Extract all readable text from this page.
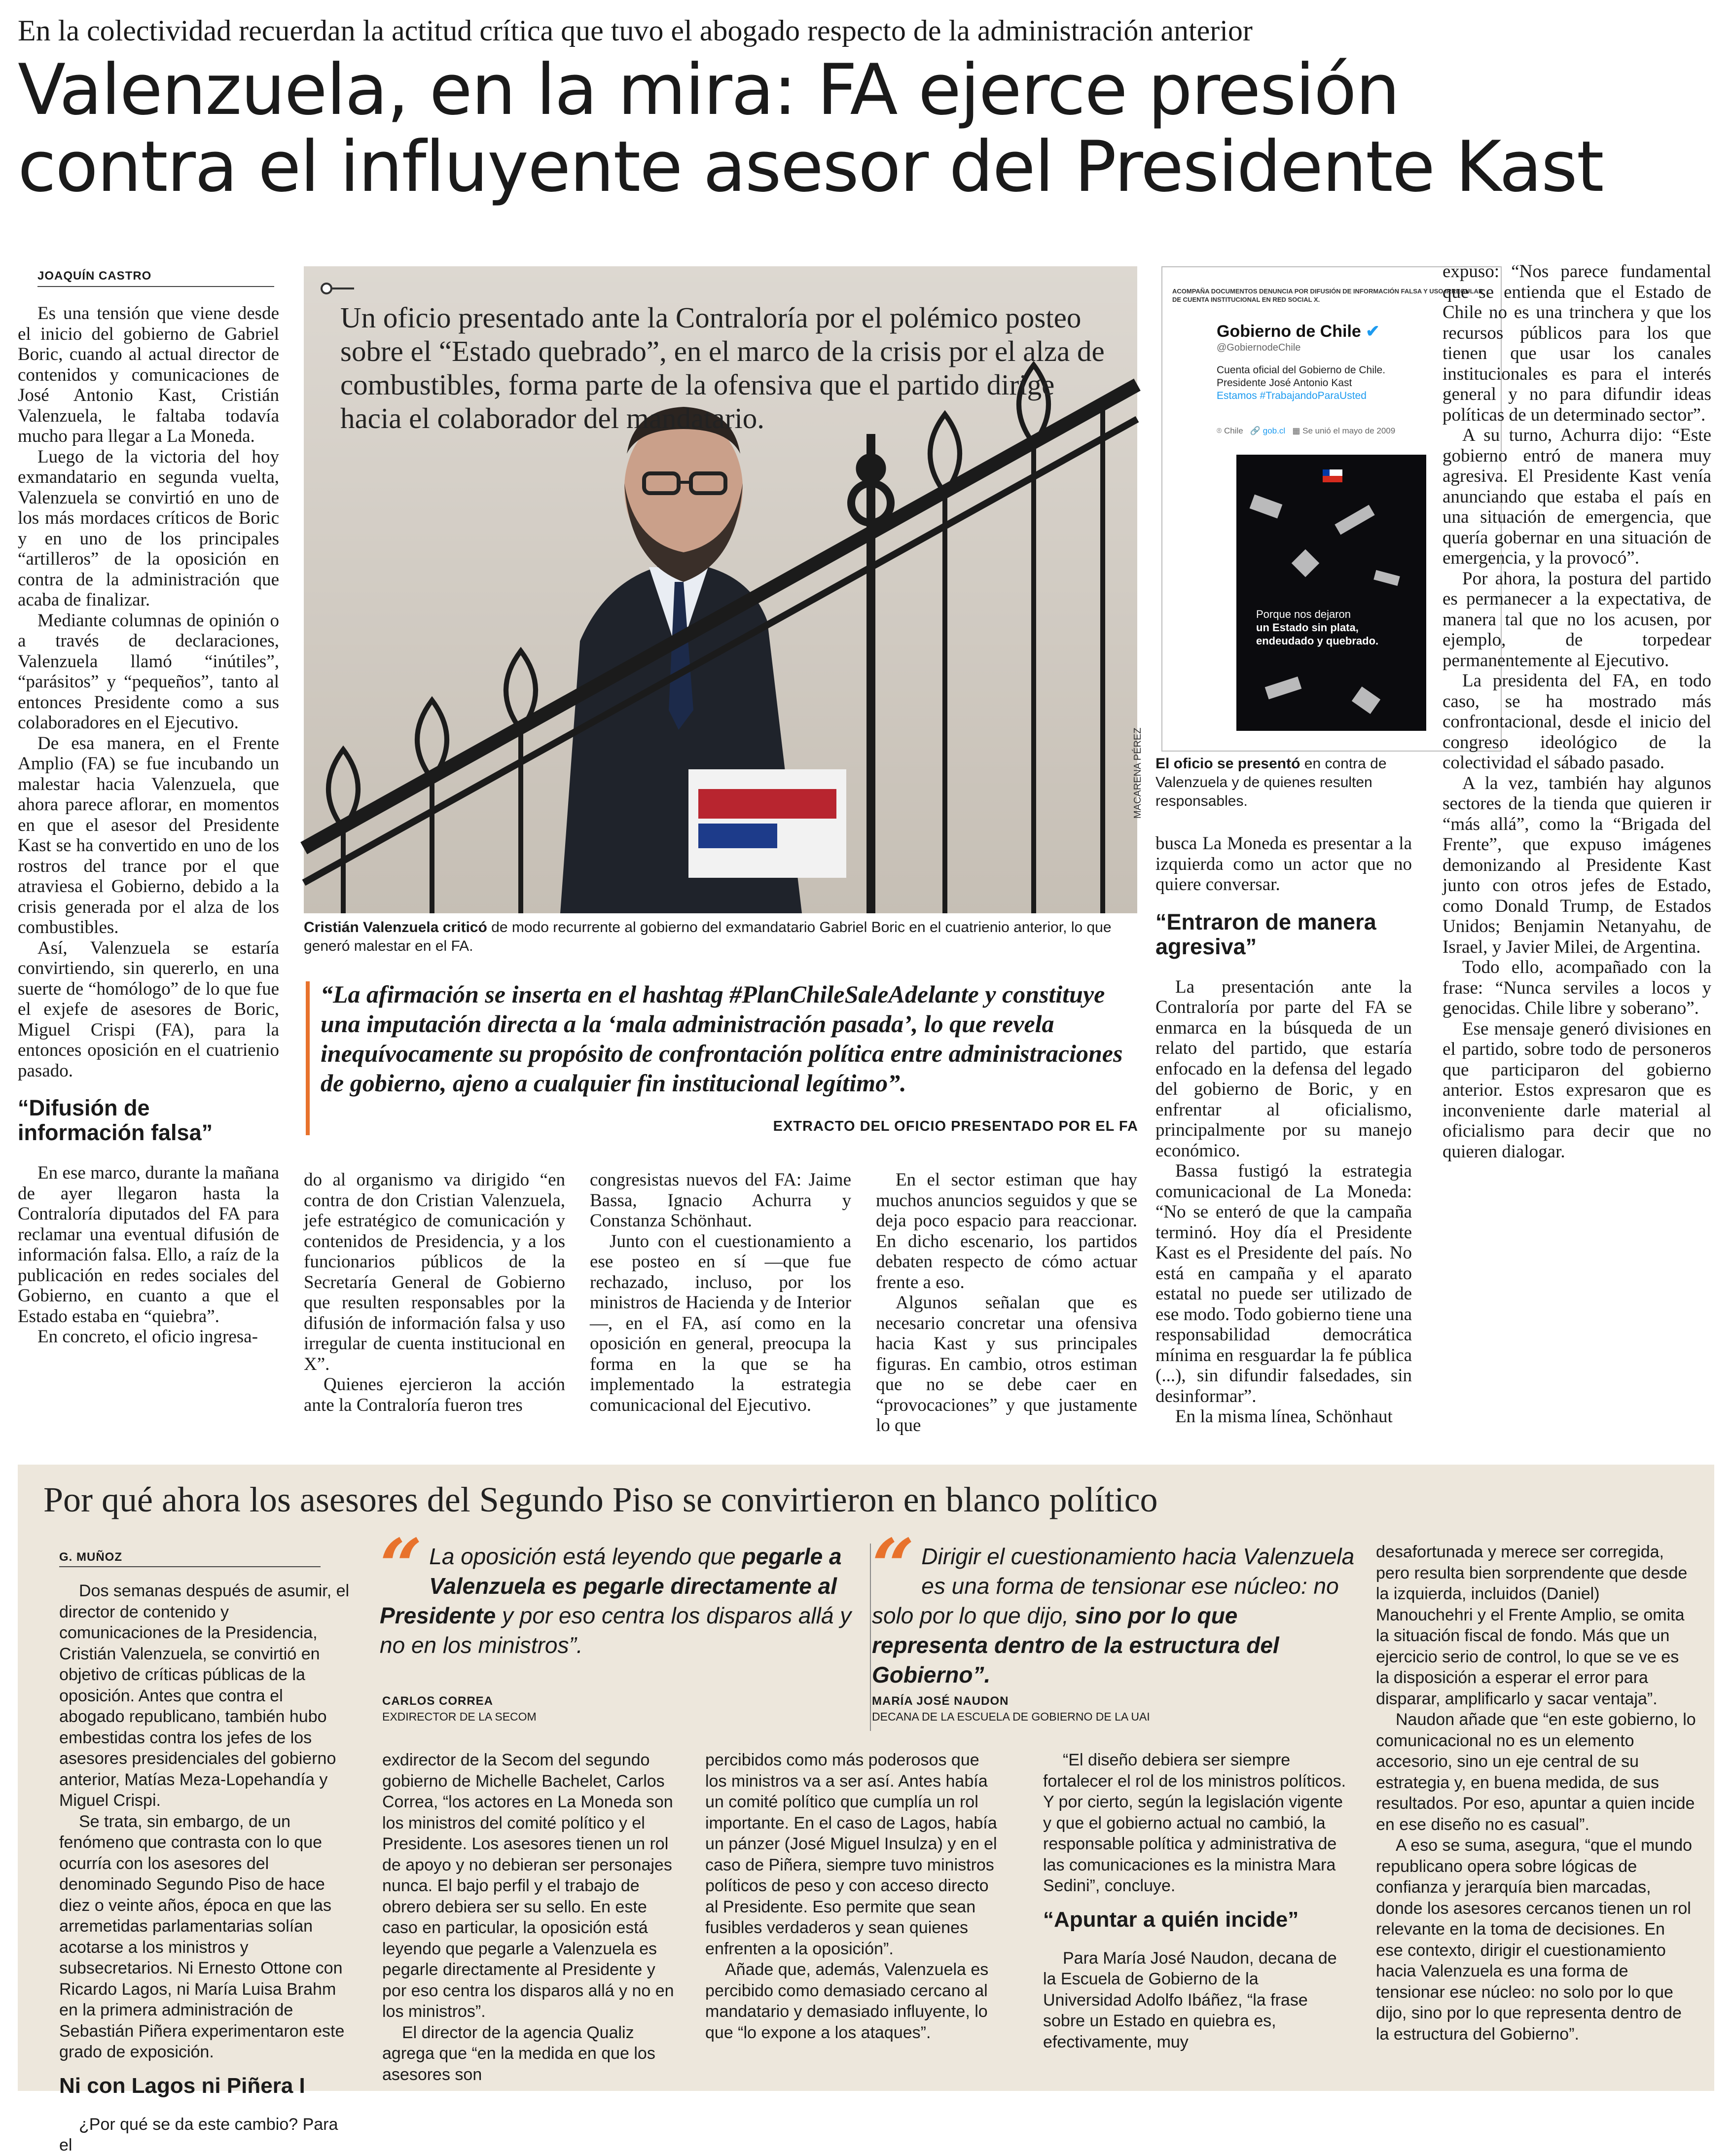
En la colectividad recuerdan la actitud crítica que tuvo el abogado respecto de la administración anterior
Valenzuela, en la mira: FA ejerce presión
contra el influyente asesor del Presidente Kast
JOAQUÍN CASTRO

Es una tensión que viene desde el inicio del gobierno de Gabriel Boric, cuando al actual director de contenidos y comunicaciones de José Antonio Kast, Cristián Valenzuela, le faltaba todavía mucho para llegar a La Moneda.

Luego de la victoria del hoy exmandatario en segunda vuelta, Valenzuela se convirtió en uno de los más mordaces críticos de Boric y en uno de los principales “artilleros” de la oposición en contra de la administración que acaba de finalizar.

Mediante columnas de opinión o a través de declaraciones, Valenzuela llamó “inútiles”, “parásitos” y “pequeños”, tanto al entonces Presidente como a sus colaboradores en el Ejecutivo.

De esa manera, en el Frente Amplio (FA) se fue incubando un malestar hacia Valenzuela, que ahora parece aflorar, en momentos en que el asesor del Presidente Kast se ha convertido en uno de los rostros del trance por el que atraviesa el Gobierno, debido a la crisis generada por el alza de los combustibles.

Así, Valenzuela se estaría convirtiendo, sin quererlo, en una suerte de “homólogo” de lo que fue el exjefe de asesores de Boric, Miguel Crispi (FA), para la entonces oposición en el cuatrienio pasado.

“Difusión de información falsa”

En ese marco, durante la mañana de ayer llegaron hasta la Contraloría diputados del FA para reclamar una eventual difusión de información falsa. Ello, a raíz de la publicación en redes sociales del Gobierno, en cuanto a que el Estado estaba en “quiebra”.

En concreto, el oficio ingresa-

Un oficio presentado ante la Contraloría por el polémico posteo sobre el “Estado quebrado”, en el marco de la crisis por el alza de combustibles, forma parte de la ofensiva que el partido dirige hacia el colaborador del mandatario.
MACARENA PÉREZ
Cristián Valenzuela criticó de modo recurrente al gobierno del exmandatario Gabriel Boric en el cuatrienio anterior, lo que generó malestar en el FA.
“La afirmación se inserta en el hashtag #PlanChileSaleAdelante y constituye una imputación directa a la ‘mala administración pasada’, lo que revela inequívocamente su propósito de confrontación política entre administraciones de gobierno, ajeno a cualquier fin institucional legítimo”.
EXTRACTO DEL OFICIO PRESENTADO POR EL FA

do al organismo va dirigido “en contra de don Cristian Valenzuela, jefe estratégico de comunicación y contenidos de Presidencia, y a los funcionarios públicos de la Secretaría General de Gobierno que resulten responsables por la difusión de información falsa y uso irregular de cuenta institucional en X”.

Quienes ejercieron la acción ante la Contraloría fueron tres

congresistas nuevos del FA: Jaime Bassa, Ignacio Achurra y Constanza Schönhaut.

Junto con el cuestionamiento a ese posteo en sí —que fue rechazado, incluso, por los ministros de Hacienda y de Interior—, en el FA, así como en la oposición en general, preocupa la forma en la que se ha implementado la estrategia comunicacional del Ejecutivo.

En el sector estiman que hay muchos anuncios seguidos y que se deja poco espacio para reaccionar. En dicho escenario, los partidos debaten respecto de cómo actuar frente a eso.

Algunos señalan que es necesario concretar una ofensiva hacia Kast y sus principales figuras. En cambio, otros estiman que no se debe caer en “provocaciones” y que justamente lo que

ACOMPAÑA DOCUMENTOS DENUNCIA POR DIFUSIÓN DE INFORMACIÓN FALSA Y USO IRREGULAR DE CUENTA INSTITUCIONAL EN RED SOCIAL X.
Gobierno de Chile ✔
@GobiernodeChile
Cuenta oficial del Gobierno de Chile.
Presidente José Antonio Kast
Estamos #TrabajandoParaUsted
⌾ Chile 🔗 gob.cl ▦ Se unió el mayo de 2009
Porque nos dejaron
un Estado sin plata,
endeudado y quebrado.
El oficio se presentó en contra de Valenzuela y de quienes resulten responsables.

busca La Moneda es presentar a la izquierda como un actor que no quiere conversar.

“Entraron de manera agresiva”

La presentación ante la Contraloría por parte del FA se enmarca en la búsqueda de un relato del partido, que estaría enfocado en la defensa del legado del gobierno de Boric, y en enfrentar al oficialismo, principalmente por su manejo económico.

Bassa fustigó la estrategia comunicacional de La Moneda: “No se enteró de que la campaña terminó. Hoy día el Presidente Kast es el Presidente del país. No está en campaña y el aparato estatal no puede ser utilizado de ese modo. Todo gobierno tiene una responsabilidad democrática mínima en resguardar la fe pública (...), sin difundir falsedades, sin desinformar”.

En la misma línea, Schönhaut

expuso: “Nos parece fundamental que se entienda que el Estado de Chile no es una trinchera y que los recursos públicos para los que tienen que usar los canales institucionales es para el interés general y no para difundir ideas políticas de un determinado sector”.

A su turno, Achurra dijo: “Este gobierno entró de manera muy agresiva. El Presidente Kast venía anunciando que estaba el país en una situación de emergencia, que quería gobernar en una situación de emergencia, y la provocó”.

Por ahora, la postura del partido es permanecer a la expectativa, de manera tal que no los acusen, por ejemplo, de torpedear permanentemente al Ejecutivo.

La presidenta del FA, en todo caso, se ha mostrado más confrontacional, desde el inicio del congreso ideológico de la colectividad el sábado pasado.

A la vez, también hay algunos sectores de la tienda que quieren ir “más allá”, como la “Brigada del Frente”, que expuso imágenes demonizando al Presidente Kast junto con otros jefes de Estado, como Donald Trump, de Estados Unidos; Benjamin Netanyahu, de Israel, y Javier Milei, de Argentina.

Todo ello, acompañado con la frase: “Nunca serviles a locos y genocidas. Chile libre y soberano”.

Ese mensaje generó divisiones en el partido, sobre todo de personeros que participaron del gobierno anterior. Estos expresaron que es inconveniente darle material al oficialismo para decir que no quieren dialogar.

Por qué ahora los asesores del Segundo Piso se convirtieron en blanco político
G. MUÑOZ

Dos semanas después de asumir, el director de contenido y comunicaciones de la Presidencia, Cristián Valenzuela, se convirtió en objetivo de críticas públicas de la oposición. Antes que contra el abogado republicano, también hubo embestidas contra los jefes de los asesores presidenciales del gobierno anterior, Matías Meza-Lopehandía y Miguel Crispi.

Se trata, sin embargo, de un fenómeno que contrasta con lo que ocurría con los asesores del denominado Segundo Piso de hace diez o veinte años, época en que las arremetidas parlamentarias solían acotarse a los ministros y subsecretarios. Ni Ernesto Ottone con Ricardo Lagos, ni María Luisa Brahm en la primera administración de Sebastián Piñera experimentaron este grado de exposición.

Ni con Lagos ni Piñera I

¿Por qué se da este cambio? Para el

“ La oposición está leyendo que pegarle a Valenzuela es pegarle directamente al Presidente y por eso centra los disparos allá y no en los ministros”.
CARLOS CORREA
EXDIRECTOR DE LA SECOM
“ Dirigir el cuestionamiento hacia Valenzuela es una forma de tensionar ese núcleo: no solo por lo que dijo, sino por lo que representa dentro de la estructura del Gobierno”.
MARÍA JOSÉ NAUDON
DECANA DE LA ESCUELA DE GOBIERNO DE LA UAI

exdirector de la Secom del segundo gobierno de Michelle Bachelet, Carlos Correa, “los actores en La Moneda son los ministros del comité político y el Presidente. Los asesores tienen un rol de apoyo y no debieran ser personajes nunca. El bajo perfil y el trabajo de obrero debiera ser su sello. En este caso en particular, la oposición está leyendo que pegarle a Valenzuela es pegarle directamente al Presidente y por eso centra los disparos allá y no en los ministros”.

El director de la agencia Qualiz agrega que “en la medida en que los asesores son

percibidos como más poderosos que los ministros va a ser así. Antes había un comité político que cumplía un rol importante. En el caso de Lagos, había un pánzer (José Miguel Insulza) y en el caso de Piñera, siempre tuvo ministros políticos de peso y con acceso directo al Presidente. Eso permite que sean fusibles verdaderos y sean quienes enfrenten a la oposición”.

Añade que, además, Valenzuela es percibido como demasiado cercano al mandatario y demasiado influyente, lo que “lo expone a los ataques”.

“El diseño debiera ser siempre fortalecer el rol de los ministros políticos. Y por cierto, según la legislación vigente y que el gobierno actual no cambió, la responsable política y administrativa de las comunicaciones es la ministra Mara Sedini”, concluye.

“Apuntar a quién incide”

Para María José Naudon, decana de la Escuela de Gobierno de la Universidad Adolfo Ibáñez, “la frase sobre un Estado en quiebra es, efectivamente, muy

desafortunada y merece ser corregida, pero resulta bien sorprendente que desde la izquierda, incluidos (Daniel) Manouchehri y el Frente Amplio, se omita la situación fiscal de fondo. Más que un ejercicio serio de control, lo que se ve es la disposición a esperar el error para disparar, amplificarlo y sacar ventaja”.

Naudon añade que “en este gobierno, lo comunicacional no es un elemento accesorio, sino un eje central de su estrategia y, en buena medida, de sus resultados. Por eso, apuntar a quien incide en ese diseño no es casual”.

A eso se suma, asegura, “que el mundo republicano opera sobre lógicas de confianza y jerarquía bien marcadas, donde los asesores cercanos tienen un rol relevante en la toma de decisiones. En ese contexto, dirigir el cuestionamiento hacia Valenzuela es una forma de tensionar ese núcleo: no solo por lo que dijo, sino por lo que representa dentro de la estructura del Gobierno”.
